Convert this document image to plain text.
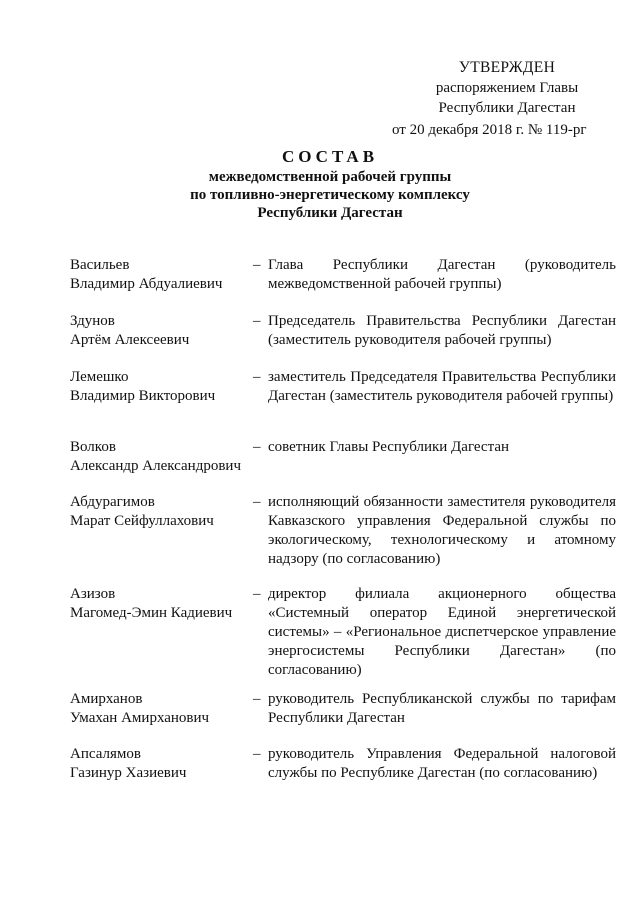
УТВЕРЖДЕН
распоряжением Главы
Республики Дагестан
от 20 декабря 2018 г. № 119-рг
СОСТАВ
межведомственной рабочей группы
по топливно-энергетическому комплексу
Республики Дагестан
Васильев
Владимир Абдуалиевич
– Глава Республики Дагестан (руководитель межведомственной рабочей группы)
Здунов
Артём Алексеевич
– Председатель Правительства Республики Дагестан (заместитель руководителя рабочей группы)
Лемешко
Владимир Викторович
– заместитель Председателя Правительства Республики Дагестан (заместитель руководителя рабочей группы)
Волков
Александр Александрович
– советник Главы Республики Дагестан
Абдурагимов
Марат Сейфуллахович
– исполняющий обязанности заместителя руководителя Кавказского управления Федеральной службы по экологическому, технологическому и атомному надзору (по согласованию)
Азизов
Магомед-Эмин Кадиевич
– директор филиала акционерного общества «Системный оператор Единой энергетической системы» – «Региональное диспетчерское управление энергосистемы Республики Дагестан» (по согласованию)
Амирханов
Умахан Амирханович
– руководитель Республиканской службы по тарифам Республики Дагестан
Апсалямов
Газинур Хазиевич
– руководитель Управления Федеральной налоговой службы по Республике Дагестан (по согласованию)
